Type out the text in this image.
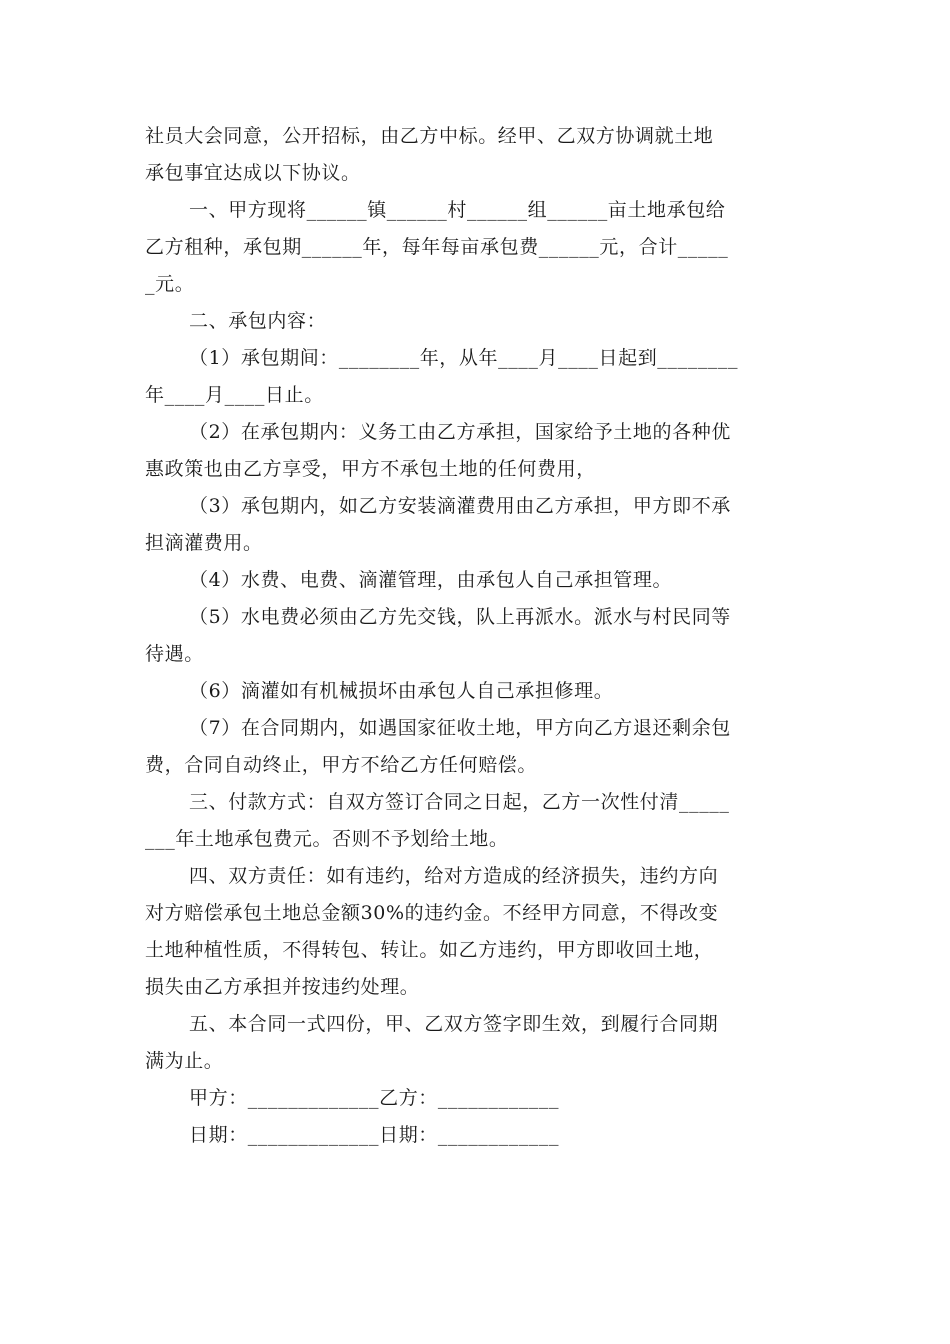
社员大会同意，公开招标，由乙方中标。经甲、乙双方协调就土地
承包事宜达成以下协议。
一、甲方现将______镇______村______组______亩土地承包给
乙方租种，承包期______年，每年每亩承包费______元，合计_____
_元。
二、承包内容：
（1）承包期间：________年，从年____月____日起到________
年____月____日止。
（2）在承包期内：义务工由乙方承担，国家给予土地的各种优
惠政策也由乙方享受，甲方不承包土地的任何费用，
（3）承包期内，如乙方安装滴灌费用由乙方承担，甲方即不承
担滴灌费用。
（4）水费、电费、滴灌管理，由承包人自己承担管理。
（5）水电费必须由乙方先交钱，队上再派水。派水与村民同等
待遇。
（6）滴灌如有机械损坏由承包人自己承担修理。
（7）在合同期内，如遇国家征收土地，甲方向乙方退还剩余包
费，合同自动终止，甲方不给乙方任何赔偿。
三、付款方式：自双方签订合同之日起，乙方一次性付清_____
___年土地承包费元。否则不予划给土地。
四、双方责任：如有违约，给对方造成的经济损失，违约方向
对方赔偿承包土地总金额30%的违约金。不经甲方同意，不得改变
土地种植性质，不得转包、转让。如乙方违约，甲方即收回土地，
损失由乙方承担并按违约处理。
五、本合同一式四份，甲、乙双方签字即生效，到履行合同期
满为止。
甲方：_____________乙方：____________
日期：_____________日期：____________
